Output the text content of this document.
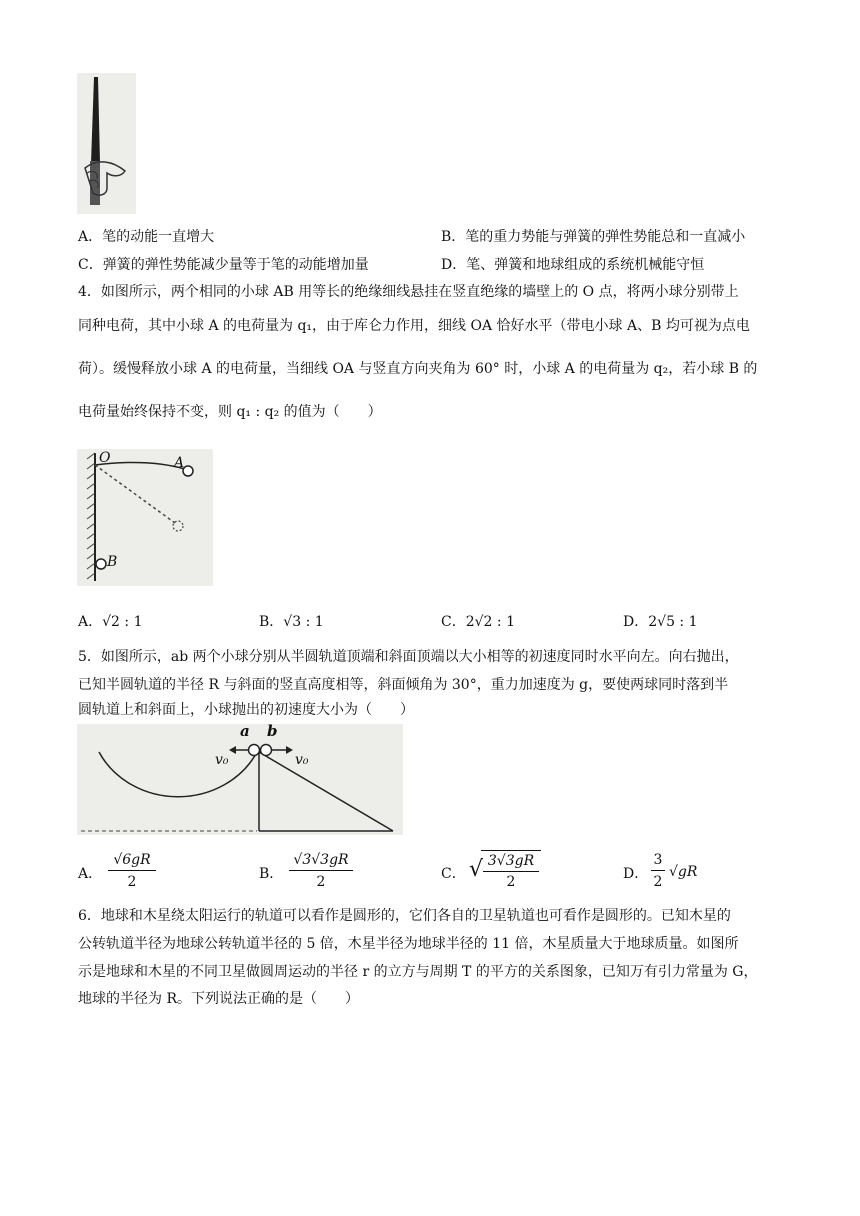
A．笔的动能一直增大	B．笔的重力势能与弹簧的弹性势能总和一直减小
C．弹簧的弹性势能减少量等于笔的动能增加量	D．笔、弹簧和地球组成的系统机械能守恒
4．如图所示，两个相同的小球 AB 用等长的绝缘细线悬挂在竖直绝缘的墙壁上的 O 点，将两小球分别带上
同种电荷，其中小球 A 的电荷量为 q₁，由于库仑力作用，细线 OA 恰好水平（带电小球 A、B 均可视为点电
荷）。缓慢释放小球 A 的电荷量，当细线 OA 与竖直方向夹角为 60° 时，小球 A 的电荷量为 q₂，若小球 B 的
电荷量始终保持不变，则 q₁ : q₂ 的值为（　　）
O	A
B
A．√2 : 1	B．√3 : 1	C．2√2 : 1	D．2√5 : 1
5．如图所示，ab 两个小球分别从半圆轨道顶端和斜面顶端以大小相等的初速度同时水平向左。向右抛出，
已知半圆轨道的半径 R 与斜面的竖直高度相等，斜面倾角为 30°，重力加速度为 g，要使两球同时落到半
圆轨道上和斜面上，小球抛出的初速度大小为（　　）
a b
v₀	v₀
A．
√6gR
2	B．
√3√3gR
2	C． √ 3√3gR
2	D．
3
2
√gR
6．地球和木星绕太阳运行的轨道可以看作是圆形的，它们各自的卫星轨道也可看作是圆形的。已知木星的
公转轨道半径为地球公转轨道半径的 5 倍，木星半径为地球半径的 11 倍，木星质量大于地球质量。如图所
示是地球和木星的不同卫星做圆周运动的半径 r 的立方与周期 T 的平方的关系图象，已知万有引力常量为 G，
地球的半径为 R。下列说法正确的是（　　）
